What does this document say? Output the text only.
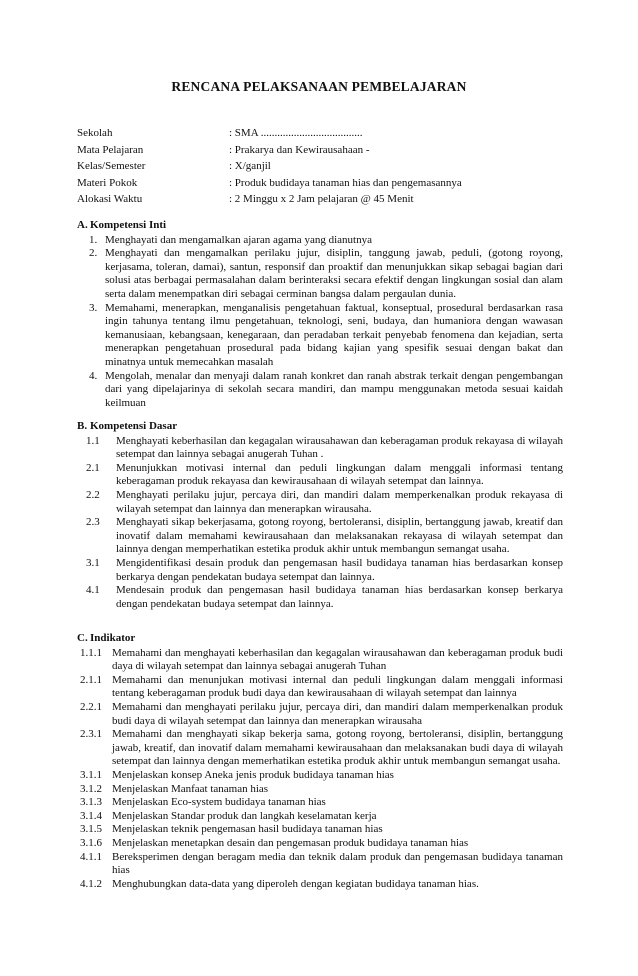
RENCANA PELAKSANAAN PEMBELAJARAN
Sekolah	: SMA .....................................
Mata Pelajaran	: Prakarya dan Kewirausahaan -
Kelas/Semester	: X/ganjil
Materi Pokok	: Produk budidaya tanaman hias dan pengemasannya
Alokasi Waktu	: 2 Minggu x 2 Jam pelajaran @ 45 Menit
A. Kompetensi Inti
1. Menghayati dan mengamalkan ajaran agama yang dianutnya
2. Menghayati dan mengamalkan perilaku jujur, disiplin, tanggung jawab, peduli, (gotong royong, kerjasama, toleran, damai), santun, responsif dan proaktif dan menunjukkan sikap sebagai bagian dari solusi atas berbagai permasalahan dalam berinteraksi secara efektif dengan lingkungan sosial dan alam serta dalam menempatkan diri sebagai cerminan bangsa dalam pergaulan dunia.
3. Memahami, menerapkan, menganalisis pengetahuan faktual, konseptual, prosedural berdasarkan rasa ingin tahunya tentang ilmu pengetahuan, teknologi, seni, budaya, dan humaniora dengan wawasan kemanusiaan, kebangsaan, kenegaraan, dan peradaban terkait penyebab fenomena dan kejadian, serta menerapkan pengetahuan prosedural pada bidang kajian yang spesifik sesuai dengan bakat dan minatnya untuk memecahkan masalah
4. Mengolah, menalar dan menyaji dalam ranah konkret dan ranah abstrak terkait dengan pengembangan dari yang dipelajarinya di sekolah secara mandiri, dan mampu menggunakan metoda sesuai kaidah keilmuan
B. Kompetensi Dasar
1.1	Menghayati keberhasilan dan kegagalan wirausahawan dan keberagaman produk rekayasa di wilayah setempat dan lainnya sebagai anugerah Tuhan .
2.1	Menunjukkan motivasi internal dan peduli lingkungan dalam menggali informasi tentang keberagaman produk rekayasa dan kewirausahaan di wilayah setempat dan lainnya.
2.2	Menghayati perilaku jujur, percaya diri, dan mandiri dalam memperkenalkan produk rekayasa di wilayah setempat dan lainnya dan menerapkan wirausaha.
2.3	Menghayati sikap bekerjasama, gotong royong, bertoleransi, disiplin, bertanggung jawab, kreatif dan inovatif dalam memahami kewirausahaan dan melaksanakan rekayasa di wilayah setempat dan lainnya dengan memperhatikan estetika produk akhir untuk membangun semangat usaha.
3.1	Mengidentifikasi desain produk dan pengemasan hasil budidaya tanaman hias berdasarkan konsep berkarya dengan pendekatan budaya setempat dan lainnya.
4.1	Mendesain produk dan pengemasan hasil budidaya tanaman hias berdasarkan konsep berkarya dengan pendekatan budaya setempat dan lainnya.
C. Indikator
1.1.1 Memahami dan menghayati keberhasilan dan kegagalan wirausahawan dan keberagaman produk budi daya di wilayah setempat dan lainnya sebagai anugerah Tuhan
2.1.1 Memahami dan menunjukan motivasi internal dan peduli lingkungan dalam menggali informasi tentang keberagaman produk budi daya dan kewirausahaan di wilayah setempat dan lainnya
2.2.1 Memahami dan menghayati perilaku jujur, percaya diri, dan mandiri dalam memperkenalkan produk budi daya di wilayah setempat dan lainnya dan menerapkan wirausaha
2.3.1 Memahami dan menghayati sikap bekerja sama, gotong royong, bertoleransi, disiplin, bertanggung jawab, kreatif, dan inovatif dalam memahami kewirausahaan dan melaksanakan budi daya di wilayah setempat dan lainnya dengan memerhatikan estetika produk akhir untuk membangun semangat usaha.
3.1.1 Menjelaskan konsep Aneka jenis produk budidaya tanaman hias
3.1.2 Menjelaskan Manfaat tanaman hias
3.1.3 Menjelaskan Eco-system budidaya tanaman hias
3.1.4 Menjelaskan Standar produk dan langkah keselamatan kerja
3.1.5 Menjelaskan teknik pengemasan hasil budidaya tanaman hias
3.1.6 Menjelaskan menetapkan desain dan pengemasan produk budidaya tanaman hias
4.1.1 Bereksperimen dengan beragam media dan teknik dalam produk dan pengemasan budidaya tanaman hias
4.1.2 Menghubungkan data-data yang diperoleh dengan kegiatan budidaya tanaman hias.
